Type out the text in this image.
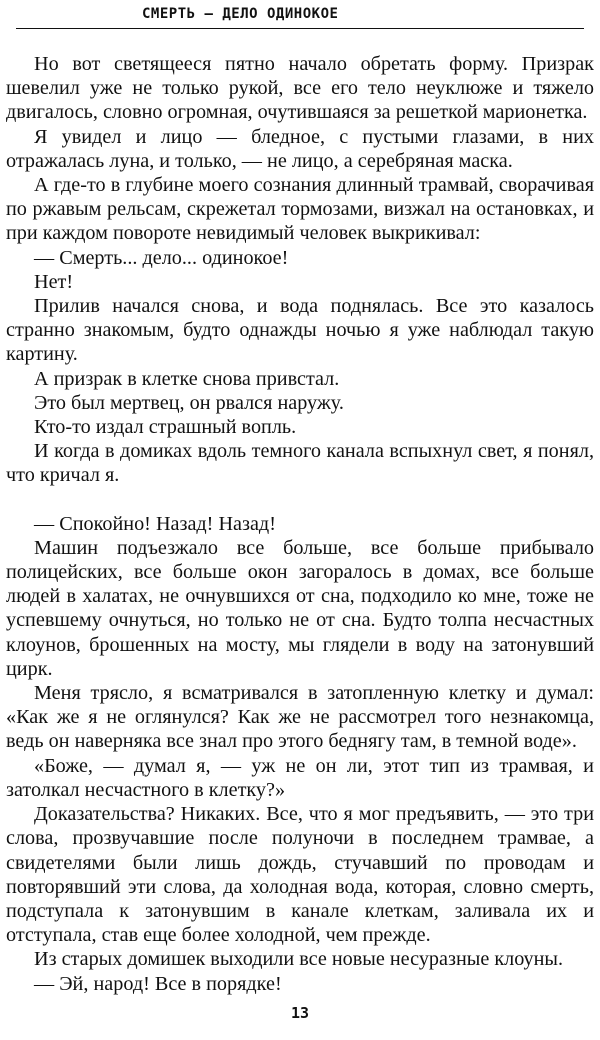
СМЕРТЬ — ДЕЛО ОДИНОКОЕ

Но вот светящееся пятно начало обретать форму. Призрак шевелил уже не только рукой, все его тело неуклюже и тяжело двигалось, словно огромная, очутившаяся за решеткой марионетка.

Я увидел и лицо — бледное, с пустыми глазами, в них отражалась луна, и только, — не лицо, а серебряная маска.

А где-то в глубине моего сознания длинный трамвай, сворачивая по ржавым рельсам, скрежетал тормозами, визжал на остановках, и при каждом повороте невидимый человек выкрикивал:

— Смерть... дело... одинокое!

Нет!

Прилив начался снова, и вода поднялась. Все это казалось странно знакомым, будто однажды ночью я уже наблюдал такую картину.

А призрак в клетке снова привстал.

Это был мертвец, он рвался наружу.

Кто-то издал страшный вопль.

И когда в домиках вдоль темного канала вспыхнул свет, я понял, что кричал я.

— Спокойно! Назад! Назад!

Машин подъезжало все больше, все больше прибывало полицейских, все больше окон загоралось в домах, все больше людей в халатах, не очнувшихся от сна, подходило ко мне, тоже не успевшему очнуться, но только не от сна. Будто толпа несчастных клоунов, брошенных на мосту, мы глядели в воду на затонувший цирк.

Меня трясло, я всматривался в затопленную клетку и думал: «Как же я не оглянулся? Как же не рассмотрел того незнакомца, ведь он наверняка все знал про этого беднягу там, в темной воде».

«Боже, — думал я, — уж не он ли, этот тип из трамвая, и затолкал несчастного в клетку?»

Доказательства? Никаких. Все, что я мог предъявить, — это три слова, прозвучавшие после полуночи в последнем трамвае, а свидетелями были лишь дождь, стучавший по проводам и повторявший эти слова, да холодная вода, которая, словно смерть, подступала к затонувшим в канале клеткам, заливала их и отступала, став еще более холодной, чем прежде.

Из старых домишек выходили все новые несуразные клоуны.

— Эй, народ! Все в порядке!

13
